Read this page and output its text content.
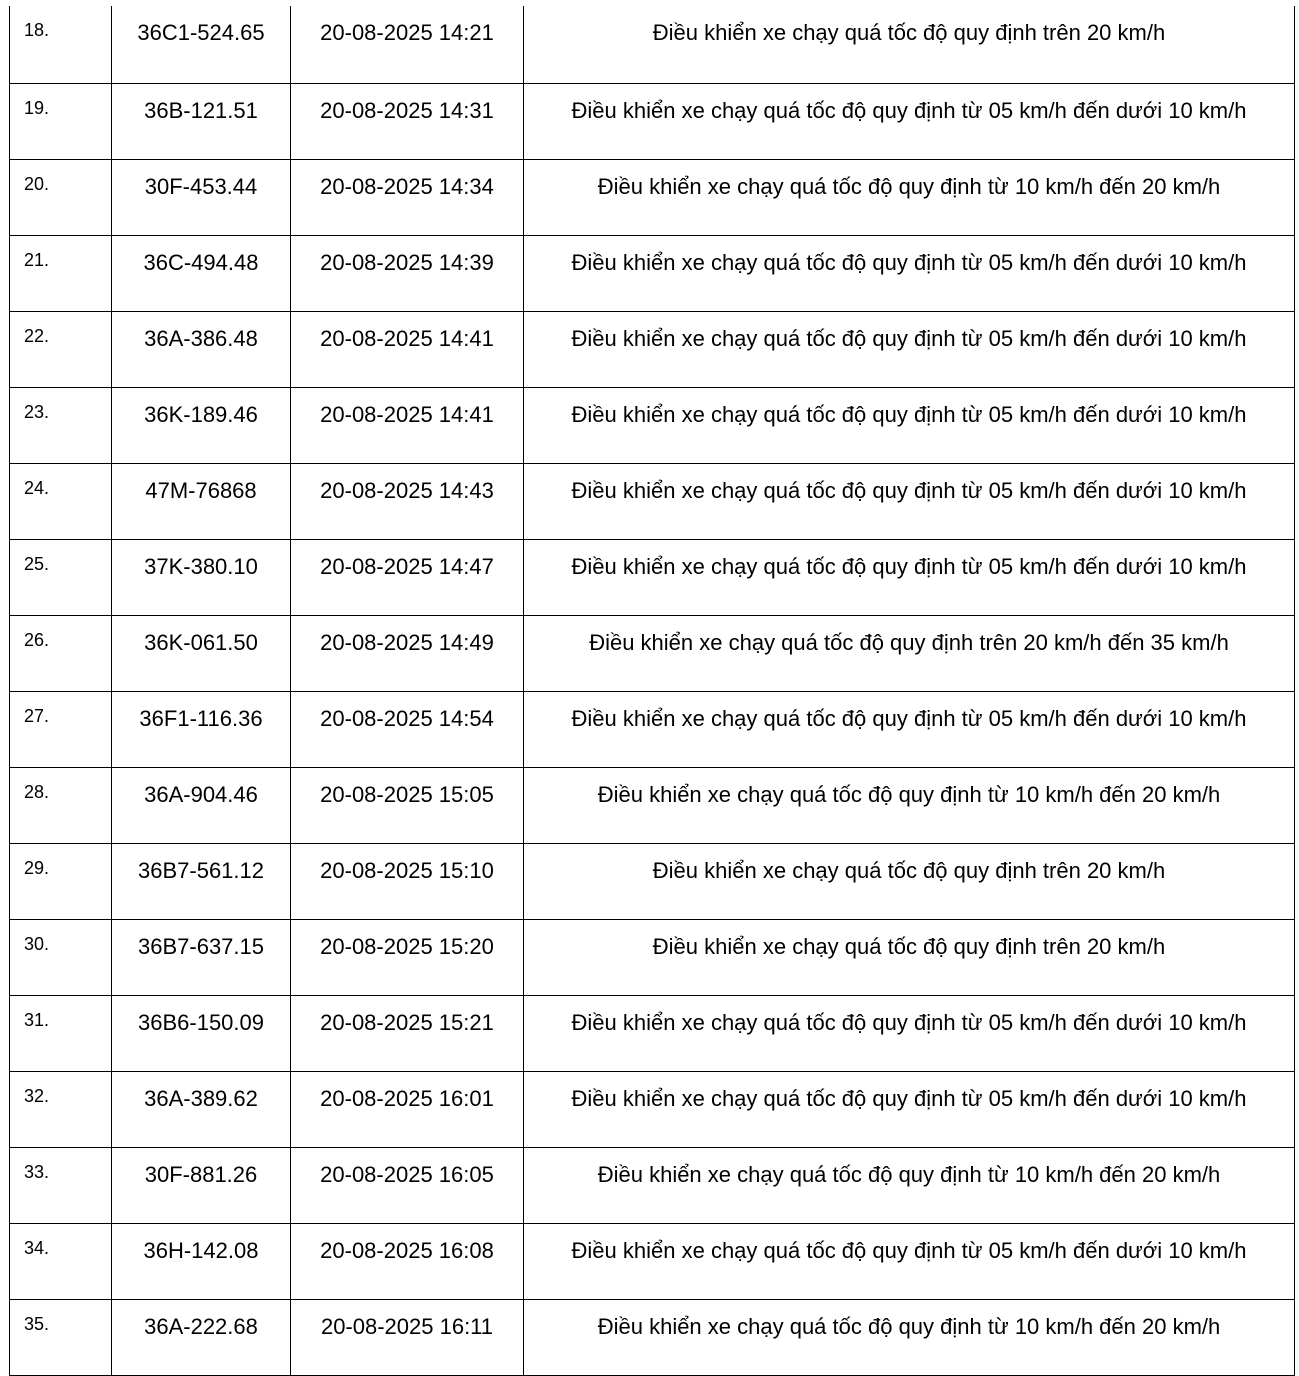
18.	36C1-524.65	20-08-2025 14:21	Điều khiển xe chạy quá tốc độ quy định trên 20 km/h
19.	36B-121.51	20-08-2025 14:31	Điều khiển xe chạy quá tốc độ quy định từ 05 km/h đến dưới 10 km/h
20.	30F-453.44	20-08-2025 14:34	Điều khiển xe chạy quá tốc độ quy định từ 10 km/h đến 20 km/h
21.	36C-494.48	20-08-2025 14:39	Điều khiển xe chạy quá tốc độ quy định từ 05 km/h đến dưới 10 km/h
22.	36A-386.48	20-08-2025 14:41	Điều khiển xe chạy quá tốc độ quy định từ 05 km/h đến dưới 10 km/h
23.	36K-189.46	20-08-2025 14:41	Điều khiển xe chạy quá tốc độ quy định từ 05 km/h đến dưới 10 km/h
24.	47M-76868	20-08-2025 14:43	Điều khiển xe chạy quá tốc độ quy định từ 05 km/h đến dưới 10 km/h
25.	37K-380.10	20-08-2025 14:47	Điều khiển xe chạy quá tốc độ quy định từ 05 km/h đến dưới 10 km/h
26.	36K-061.50	20-08-2025 14:49	Điều khiển xe chạy quá tốc độ quy định trên 20 km/h đến 35 km/h
27.	36F1-116.36	20-08-2025 14:54	Điều khiển xe chạy quá tốc độ quy định từ 05 km/h đến dưới 10 km/h
28.	36A-904.46	20-08-2025 15:05	Điều khiển xe chạy quá tốc độ quy định từ 10 km/h đến 20 km/h
29.	36B7-561.12	20-08-2025 15:10	Điều khiển xe chạy quá tốc độ quy định trên 20 km/h
30.	36B7-637.15	20-08-2025 15:20	Điều khiển xe chạy quá tốc độ quy định trên 20 km/h
31.	36B6-150.09	20-08-2025 15:21	Điều khiển xe chạy quá tốc độ quy định từ 05 km/h đến dưới 10 km/h
32.	36A-389.62	20-08-2025 16:01	Điều khiển xe chạy quá tốc độ quy định từ 05 km/h đến dưới 10 km/h
33.	30F-881.26	20-08-2025 16:05	Điều khiển xe chạy quá tốc độ quy định từ 10 km/h đến 20 km/h
34.	36H-142.08	20-08-2025 16:08	Điều khiển xe chạy quá tốc độ quy định từ 05 km/h đến dưới 10 km/h
35.	36A-222.68	20-08-2025 16:11	Điều khiển xe chạy quá tốc độ quy định từ 10 km/h đến 20 km/h
